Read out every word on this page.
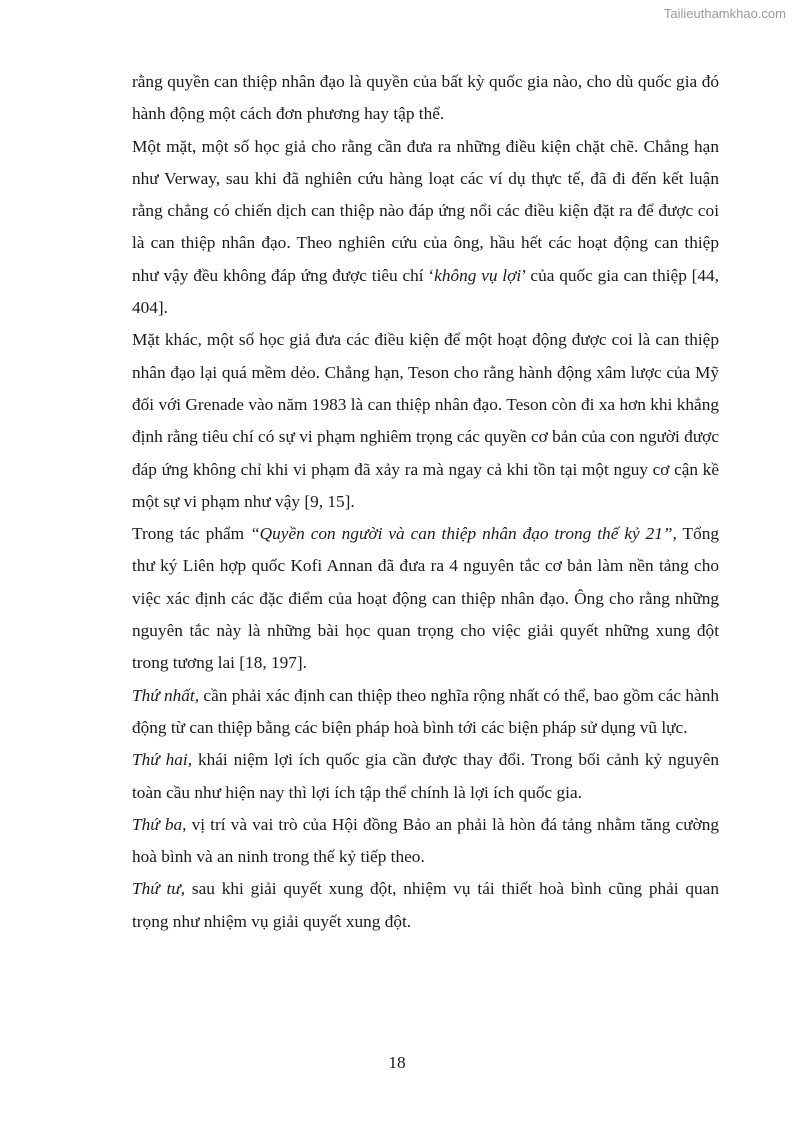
Tailieuthamkhao.com

rằng quyền can thiệp nhân đạo là quyền của bất kỳ quốc gia nào, cho dù quốc gia đó hành động một cách đơn phương hay tập thể.

Một mặt, một số học giả cho rằng cần đưa ra những điều kiện chặt chẽ. Chẳng hạn như Verway, sau khi đã nghiên cứu hàng loạt các ví dụ thực tế, đã đi đến kết luận rằng chẳng có chiến dịch can thiệp nào đáp ứng nổi các điều kiện đặt ra để được coi là can thiệp nhân đạo. Theo nghiên cứu của ông, hầu hết các hoạt động can thiệp như vậy đều không đáp ứng được tiêu chí ‘không vụ lợi’ của quốc gia can thiệp [44, 404].

Mặt khác, một số học giả đưa các điều kiện để một hoạt động được coi là can thiệp nhân đạo lại quá mềm dẻo. Chẳng hạn, Teson cho rằng hành động xâm lược của Mỹ đối với Grenade vào năm 1983 là can thiệp nhân đạo. Teson còn đi xa hơn khi khẳng định rằng tiêu chí có sự vi phạm nghiêm trọng các quyền cơ bản của con người được đáp ứng không chỉ khi vi phạm đã xảy ra mà ngay cả khi tồn tại một nguy cơ cận kề một sự vi phạm như vậy [9, 15].

Trong tác phẩm “Quyền con người và can thiệp nhân đạo trong thế kỷ 21”, Tổng thư ký Liên hợp quốc Kofi Annan đã đưa ra 4 nguyên tắc cơ bản làm nền tảng cho việc xác định các đặc điểm của hoạt động can thiệp nhân đạo. Ông cho rằng những nguyên tắc này là những bài học quan trọng cho việc giải quyết những xung đột trong tương lai [18, 197].

Thứ nhất, cần phải xác định can thiệp theo nghĩa rộng nhất có thể, bao gồm các hành động từ can thiệp bằng các biện pháp hoà bình tới các biện pháp sử dụng vũ lực.

Thứ hai, khái niệm lợi ích quốc gia cần được thay đổi. Trong bối cảnh kỷ nguyên toàn cầu như hiện nay thì lợi ích tập thể chính là lợi ích quốc gia.

Thứ ba, vị trí và vai trò của Hội đồng Bảo an phải là hòn đá tảng nhằm tăng cường hoà bình và an ninh trong thế kỷ tiếp theo.

Thứ tư, sau khi giải quyết xung đột, nhiệm vụ tái thiết hoà bình cũng phải quan trọng như nhiệm vụ giải quyết xung đột.

18
